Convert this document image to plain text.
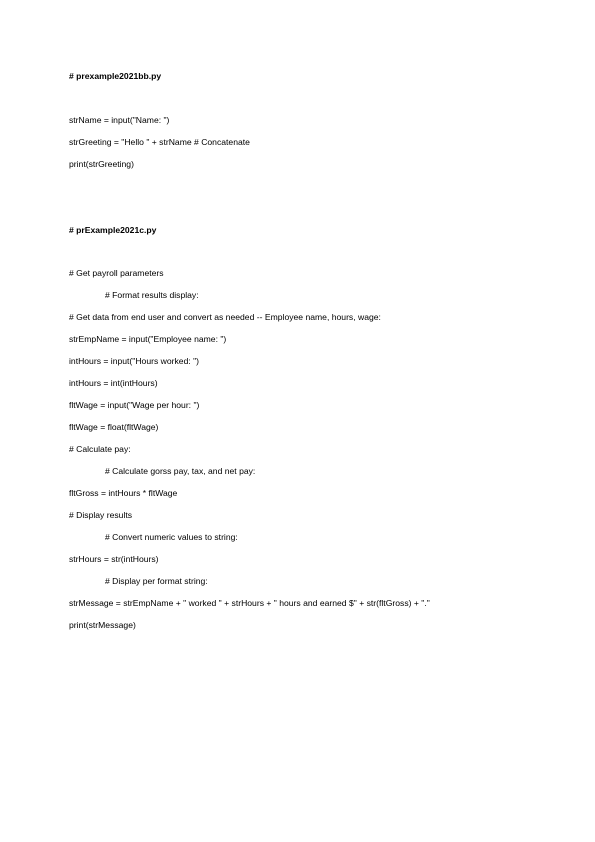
# prexample2021bb.py
strName = input("Name: ")
strGreeting = "Hello " + strName # Concatenate
print(strGreeting)
# prExample2021c.py
# Get payroll parameters
# Format results display:
# Get data from end user and convert as needed -- Employee name, hours, wage:
strEmpName = input("Employee name: ")
intHours = input("Hours worked: ")
intHours = int(intHours)
fltWage = input("Wage per hour: ")
fltWage = float(fltWage)
# Calculate pay:
# Calculate gorss pay, tax, and net pay:
fltGross = intHours * fltWage
# Display results
# Convert numeric values to string:
strHours = str(intHours)
# Display per format string:
strMessage = strEmpName + " worked " + strHours + " hours and earned $" + str(fltGross) + "."
print(strMessage)
